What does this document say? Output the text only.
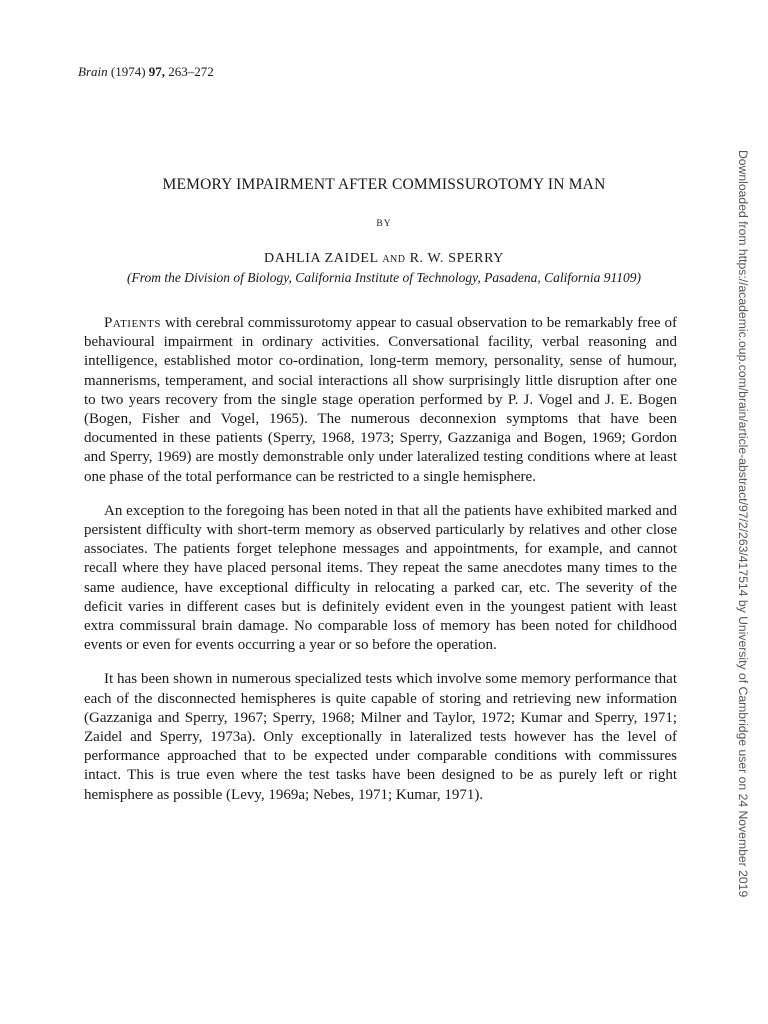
Brain (1974) 97, 263–272
MEMORY IMPAIRMENT AFTER COMMISSUROTOMY IN MAN
BY
DAHLIA ZAIDEL AND R. W. SPERRY
(From the Division of Biology, California Institute of Technology, Pasadena, California 91109)

Patients with cerebral commissurotomy appear to casual observation to be remarkably free of behavioural impairment in ordinary activities. Conversational facility, verbal reasoning and intelligence, established motor co-ordination, long-term memory, personality, sense of humour, mannerisms, temperament, and social interactions all show surprisingly little disruption after one to two years recovery from the single stage operation performed by P. J. Vogel and J. E. Bogen (Bogen, Fisher and Vogel, 1965). The numerous deconnexion symptoms that have been documented in these patients (Sperry, 1968, 1973; Sperry, Gazzaniga and Bogen, 1969; Gordon and Sperry, 1969) are mostly demonstrable only under lateralized testing conditions where at least one phase of the total performance can be restricted to a single hemisphere.

An exception to the foregoing has been noted in that all the patients have exhibited marked and persistent difficulty with short-term memory as observed particularly by relatives and other close associates. The patients forget telephone messages and appointments, for example, and cannot recall where they have placed personal items. They repeat the same anecdotes many times to the same audience, have exceptional difficulty in relocating a parked car, etc. The severity of the deficit varies in different cases but is definitely evident even in the youngest patient with least extra commissural brain damage. No comparable loss of memory has been noted for childhood events or even for events occurring a year or so before the operation.

It has been shown in numerous specialized tests which involve some memory performance that each of the disconnected hemispheres is quite capable of storing and retrieving new information (Gazzaniga and Sperry, 1967; Sperry, 1968; Milner and Taylor, 1972; Kumar and Sperry, 1971; Zaidel and Sperry, 1973a). Only exceptionally in lateralized tests however has the level of performance approached that to be expected under comparable conditions with commissures intact. This is true even where the test tasks have been designed to be as purely left or right hemisphere as possible (Levy, 1969a; Nebes, 1971; Kumar, 1971).	Downloaded from https://academic.oup.com/brain/article-abstract/97/2/263/417514 by University of Cambridge user on 24 November 2019
